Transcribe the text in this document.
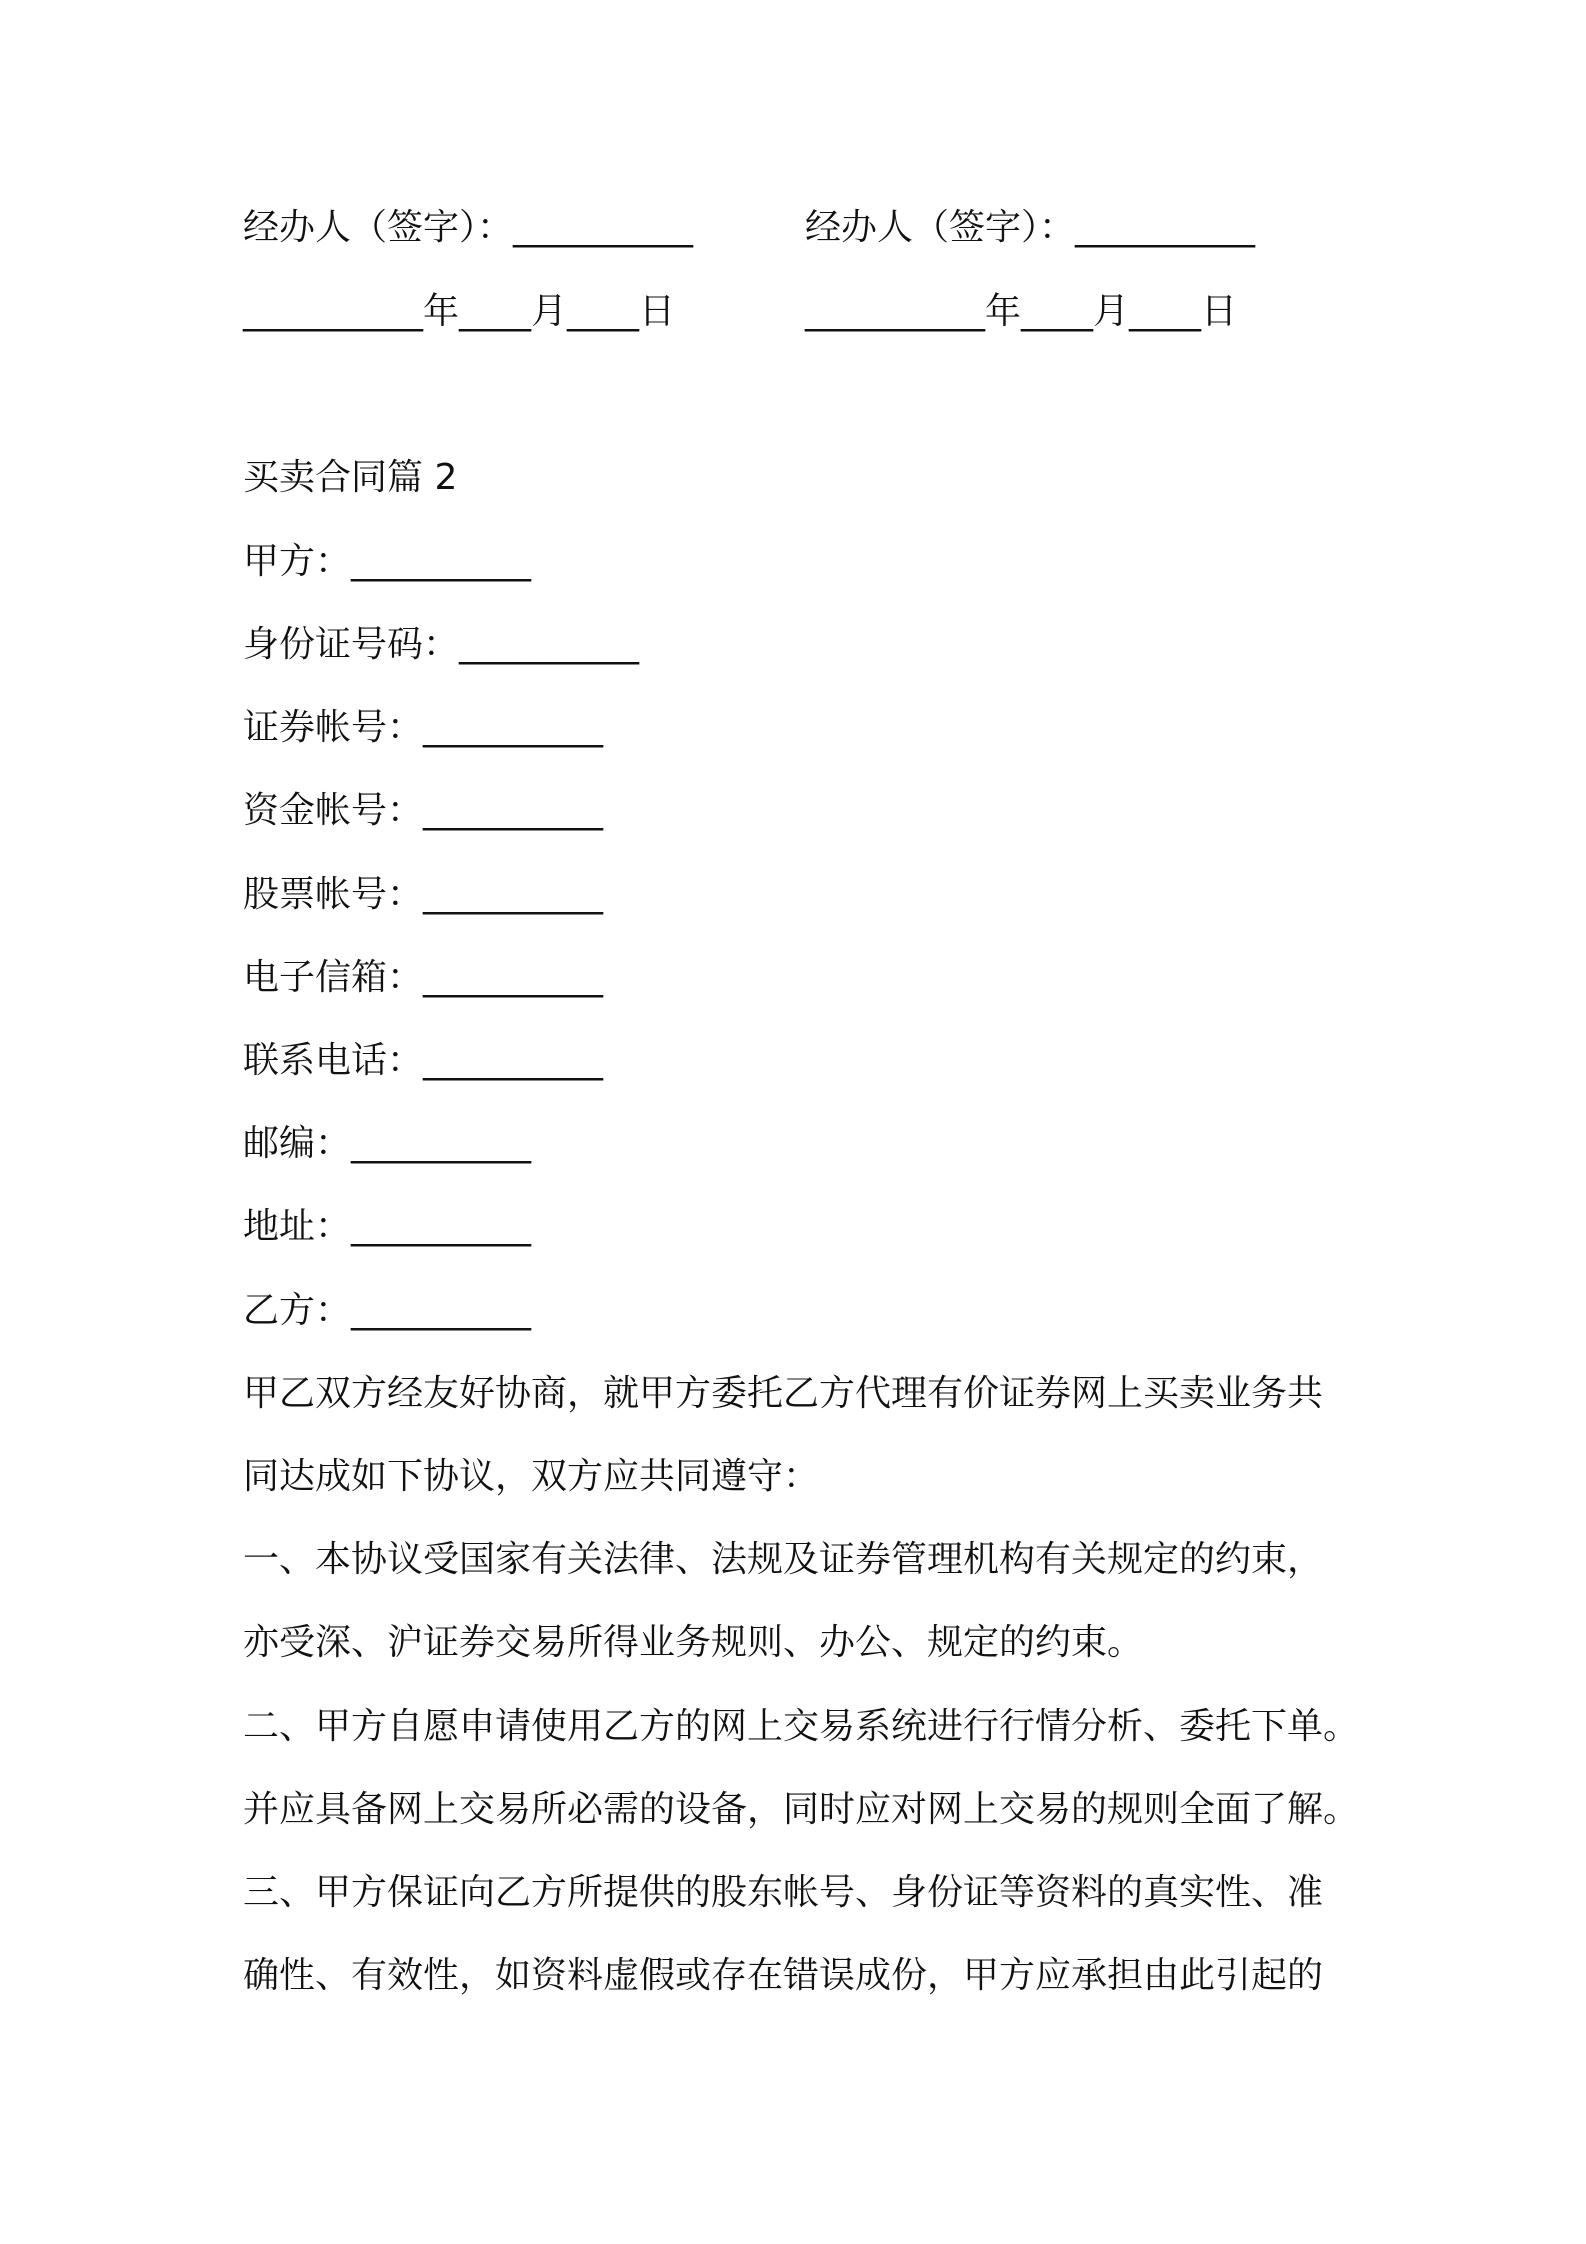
经办人（签字）：__________	经办人（签字）：__________
__________年____月____日	__________年____月____日
买卖合同篇 2
甲方：__________
身份证号码：__________
证券帐号：__________
资金帐号：__________
股票帐号：__________
电子信箱：__________
联系电话：__________
邮编：__________
地址：__________
乙方：__________
甲乙双方经友好协商，就甲方委托乙方代理有价证券网上买卖业务共
同达成如下协议，双方应共同遵守：
一、本协议受国家有关法律、法规及证券管理机构有关规定的约束，
亦受深、沪证券交易所得业务规则、办公、规定的约束。
二、甲方自愿申请使用乙方的网上交易系统进行行情分析、委托下单。
并应具备网上交易所必需的设备，同时应对网上交易的规则全面了解。
三、甲方保证向乙方所提供的股东帐号、身份证等资料的真实性、准
确性、有效性，如资料虚假或存在错误成份，甲方应承担由此引起的
